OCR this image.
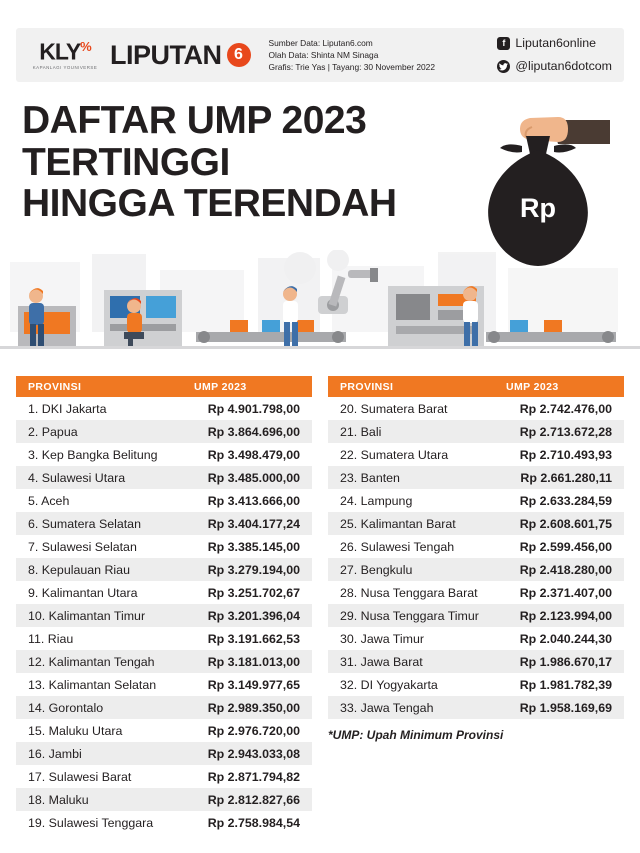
KLY%
KAPANLAGI YOUNIVERSE LIPUTAN 6
Sumber Data: Liputan6.com
Olah Data: Shinta NM Sinaga
Grafis: Trie Yas | Tayang: 30 November 2022
f Liputan6online
@liputan6dotcom
DAFTAR UMP 2023
TERTINGGI
HINGGA TERENDAH	Rp
PROVINSI	UMP 2023
1. DKI Jakarta	Rp 4.901.798,00
2. Papua	Rp 3.864.696,00
3. Kep Bangka Belitung	Rp 3.498.479,00
4. Sulawesi Utara	Rp 3.485.000,00
5. Aceh	Rp 3.413.666,00
6. Sumatera Selatan	Rp 3.404.177,24
7. Sulawesi Selatan	Rp 3.385.145,00
8. Kepulauan Riau	Rp 3.279.194,00
9. Kalimantan Utara	Rp 3.251.702,67
10. Kalimantan Timur	Rp 3.201.396,04
11. Riau	Rp 3.191.662,53
12. Kalimantan Tengah	Rp 3.181.013,00
13. Kalimantan Selatan	Rp 3.149.977,65
14. Gorontalo	Rp 2.989.350,00
15. Maluku Utara	Rp 2.976.720,00
16. Jambi	Rp 2.943.033,08
17. Sulawesi Barat	Rp 2.871.794,82
18. Maluku	Rp 2.812.827,66
19. Sulawesi Tenggara	Rp 2.758.984,54
PROVINSI	UMP 2023
20. Sumatera Barat	Rp 2.742.476,00
21. Bali	Rp 2.713.672,28
22. Sumatera Utara	Rp 2.710.493,93
23. Banten	Rp 2.661.280,11
24. Lampung	Rp 2.633.284,59
25. Kalimantan Barat	Rp 2.608.601,75
26. Sulawesi Tengah	Rp 2.599.456,00
27. Bengkulu	Rp 2.418.280,00
28. Nusa Tenggara Barat	Rp 2.371.407,00
29. Nusa Tenggara Timur	Rp 2.123.994,00
30. Jawa Timur	Rp 2.040.244,30
31. Jawa Barat	Rp 1.986.670,17
32. DI Yogyakarta	Rp 1.981.782,39
33. Jawa Tengah	Rp 1.958.169,69
*UMP: Upah Minimum Provinsi
